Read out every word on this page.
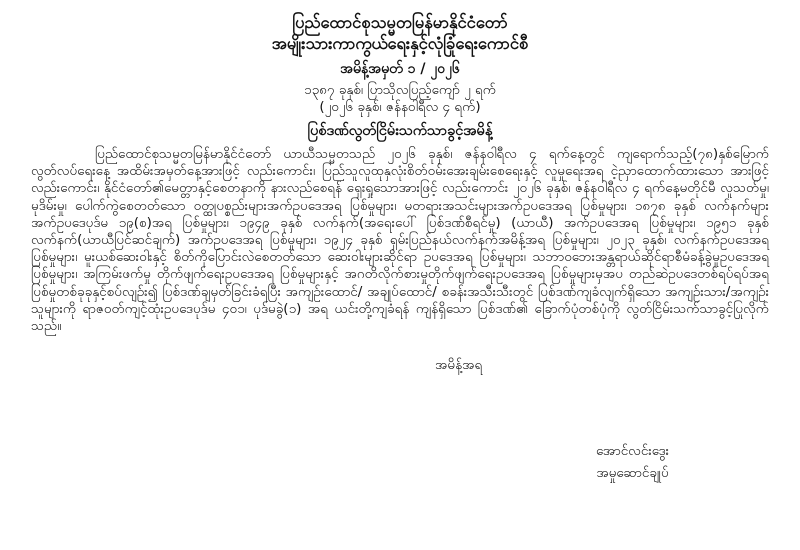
ပြည်ထောင်စုသမ္မတမြန်မာနိုင်ငံတော်
အမျိုးသားကာကွယ်ရေးနှင့်လုံခြုံရေးကောင်စီ
အမိန့်အမှတ် ၁ / ၂၀၂၆
၁၃၈၇ ခုနှစ်၊ ပြာသိုလပြည့်ကျော် ၂ ရက်
(၂၀၂၆ ခုနှစ်၊ ဇန်နဝါရီလ ၄ ရက်)
ပြစ်ဒဏ်လွတ်ငြိမ်းသက်သာခွင့်အမိန့်

ပြည်ထောင်စုသမ္မတမြန်မာနိုင်ငံတော် ယာယီသမ္မတသည် ၂၀၂၆ ခုနှစ်၊ ဇန်နဝါရီလ ၄ ရက်နေ့တွင် ကျရောက်သည့်(၇၈)နှစ်မြောက် လွတ်လပ်ရေးနေ့ အထိမ်းအမှတ်နေ့အားဖြင့် လည်းကောင်း၊ ပြည်သူလူထုနှလုံးစိတ်ဝမ်းအေးချမ်းစေရေးနှင့် လူမှုရေးအရ ငဲ့ညှာထောက်ထားသော အားဖြင့်လည်းကောင်း၊ နိုင်ငံတော်၏မေတ္တာနှင့်စေတနာကို နားလည်စေရန် ရှေးရှုသောအားဖြင့် လည်းကောင်း ၂၀၂၆ ခုနှစ်၊ ဇန်နဝါရီလ ၄ ရက်နေ့မတိုင်မီ လူသတ်မှု၊ မုဒိမ်းမှု၊ ပေါက်ကွဲစေတတ်သော ဝတ္ထုပစ္စည်းများအက်ဥပဒေအရ ပြစ်မှုများ၊ မတရားအသင်းများအက်ဥပဒေအရ ပြစ်မှုများ၊ ၁၈၇၈ ခုနှစ် လက်နက်များအက်ဥပဒေပုဒ်မ ၁၉(စ)အရ ပြစ်မှုများ၊ ၁၉၄၉ ခုနှစ် လက်နက်(အရေးပေါ် ပြစ်ဒဏ်စီရင်မှု) (ယာယီ) အက်ဥပဒေအရ ပြစ်မှုများ၊ ၁၉၅၁ ခုနှစ် လက်နက်(ယာယီပြင်ဆင်ချက်) အက်ဥပဒေအရ ပြစ်မှုများ၊ ၁၉၂၄ ခုနှစ် ရှမ်းပြည်နယ်လက်နက်အမိန့်အရ ပြစ်မှုများ၊ ၂၀၂၃ ခုနှစ်၊ လက်နက်ဥပဒေအရ ပြစ်မှုများ၊ မူးယစ်ဆေးဝါးနှင့် စိတ်ကိုပြောင်းလဲစေတတ်သော ဆေးဝါးများဆိုင်ရာ ဥပဒေအရ ပြစ်မှုများ၊ သဘာဝဘေးအန္တရာယ်ဆိုင်ရာစီမံခန့်ခွဲမှုဥပဒေအရ ပြစ်မှုများ၊ အကြမ်းဖက်မှု တိုက်ဖျက်ရေးဥပဒေအရ ပြစ်မှုများနှင့် အဂတိလိုက်စားမှုတိုက်ဖျက်ရေးဥပဒေအရ ပြစ်မှုများမှအပ တည်ဆဲဥပဒေတစ်ရပ်ရပ်အရ ပြစ်မှုတစ်ခုခုနှင့်စပ်လျဉ်း၍ ပြစ်ဒဏ်ချမှတ်ခြင်းခံရပြီး အကျဉ်းထောင်/ အချုပ်ထောင်/ စခန်းအသီးသီးတွင် ပြစ်ဒဏ်ကျခံလျက်ရှိသော အကျဉ်းသား/အကျဉ်းသူများကို ရာဇဝတ်ကျင့်ထုံးဥပဒေပုဒ်မ ၄၀၁၊ ပုဒ်မခွဲ(၁) အရ ယင်းတို့ကျခံရန် ကျန်ရှိသော ပြစ်ဒဏ်၏ ခြောက်ပုံတစ်ပုံကို လွတ်ငြိမ်းသက်သာခွင့်ပြုလိုက်သည်။

အမိန့်အရ
အောင်လင်းဒွေး
အမှုဆောင်ချုပ်
